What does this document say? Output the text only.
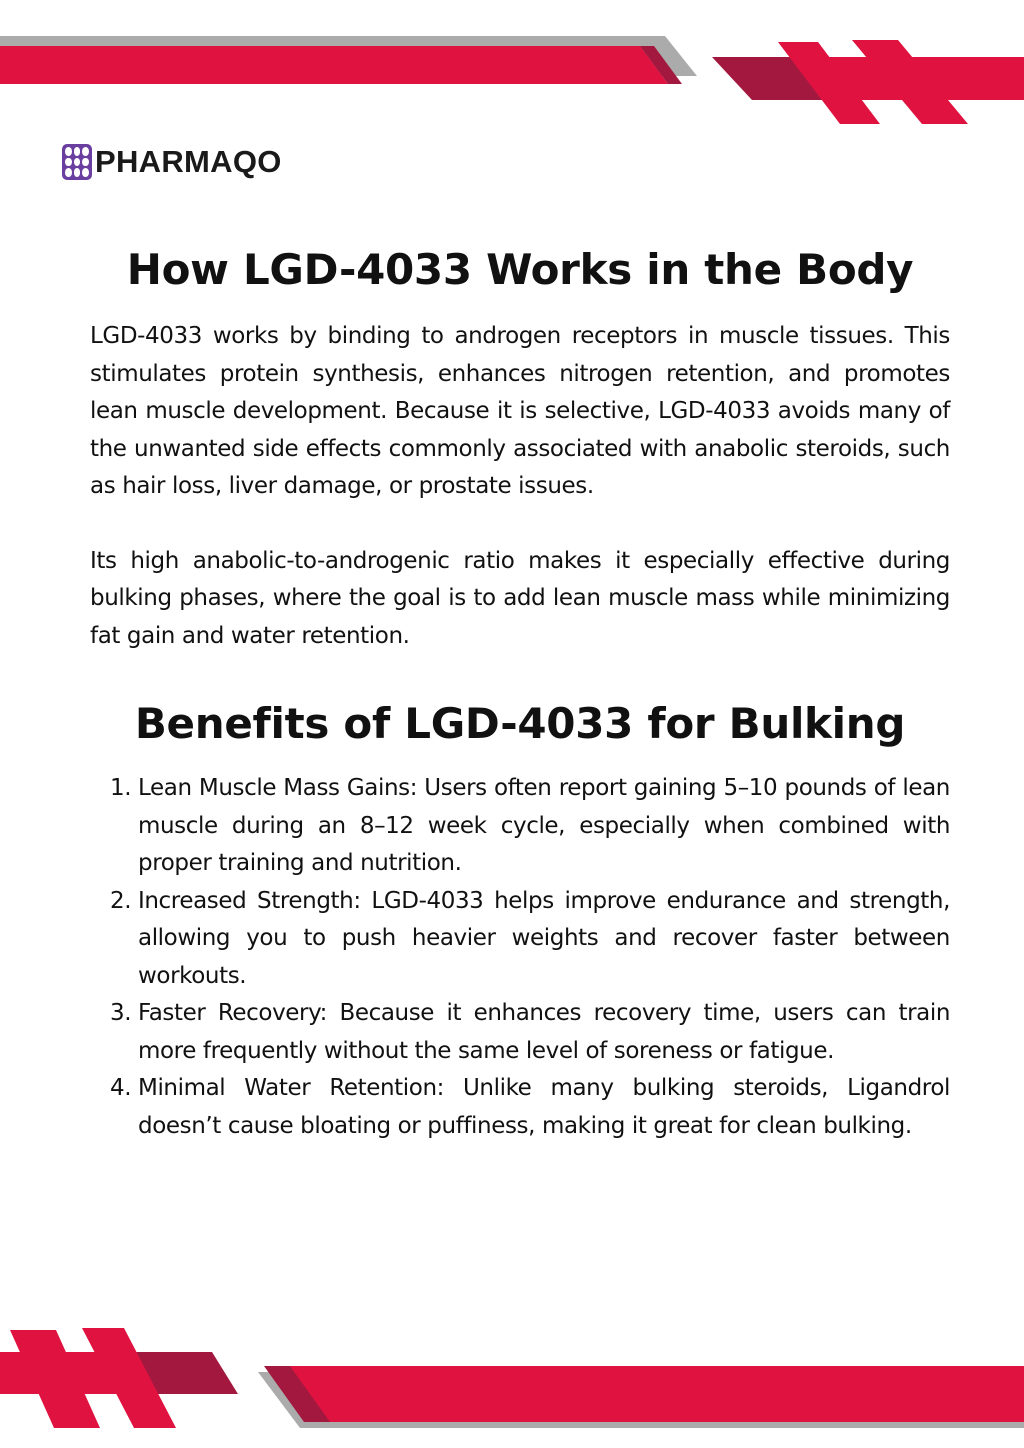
PHARMAQO
How LGD-4033 Works in the Body

LGD-4033 works by binding to androgen receptors in muscle tissues. This stimulates protein synthesis, enhances nitrogen retention, and promotes lean muscle development. Because it is selective, LGD-4033 avoids many of the unwanted side effects commonly associated with anabolic steroids, such as hair loss, liver damage, or prostate issues.

Its high anabolic-to-androgenic ratio makes it especially effective during bulking phases, where the goal is to add lean muscle mass while minimizing fat gain and water retention.

Benefits of LGD-4033 for Bulking
1. Lean Muscle Mass Gains: Users often report gaining 5–10 pounds of lean muscle during an 8–12 week cycle, especially when combined with proper training and nutrition.
2. Increased Strength: LGD-4033 helps improve endurance and strength, allowing you to push heavier weights and recover faster between workouts.
3. Faster Recovery: Because it enhances recovery time, users can train more frequently without the same level of soreness or fatigue.
4. Minimal Water Retention: Unlike many bulking steroids, Ligandrol doesn’t cause bloating or puffiness, making it great for clean bulking.
